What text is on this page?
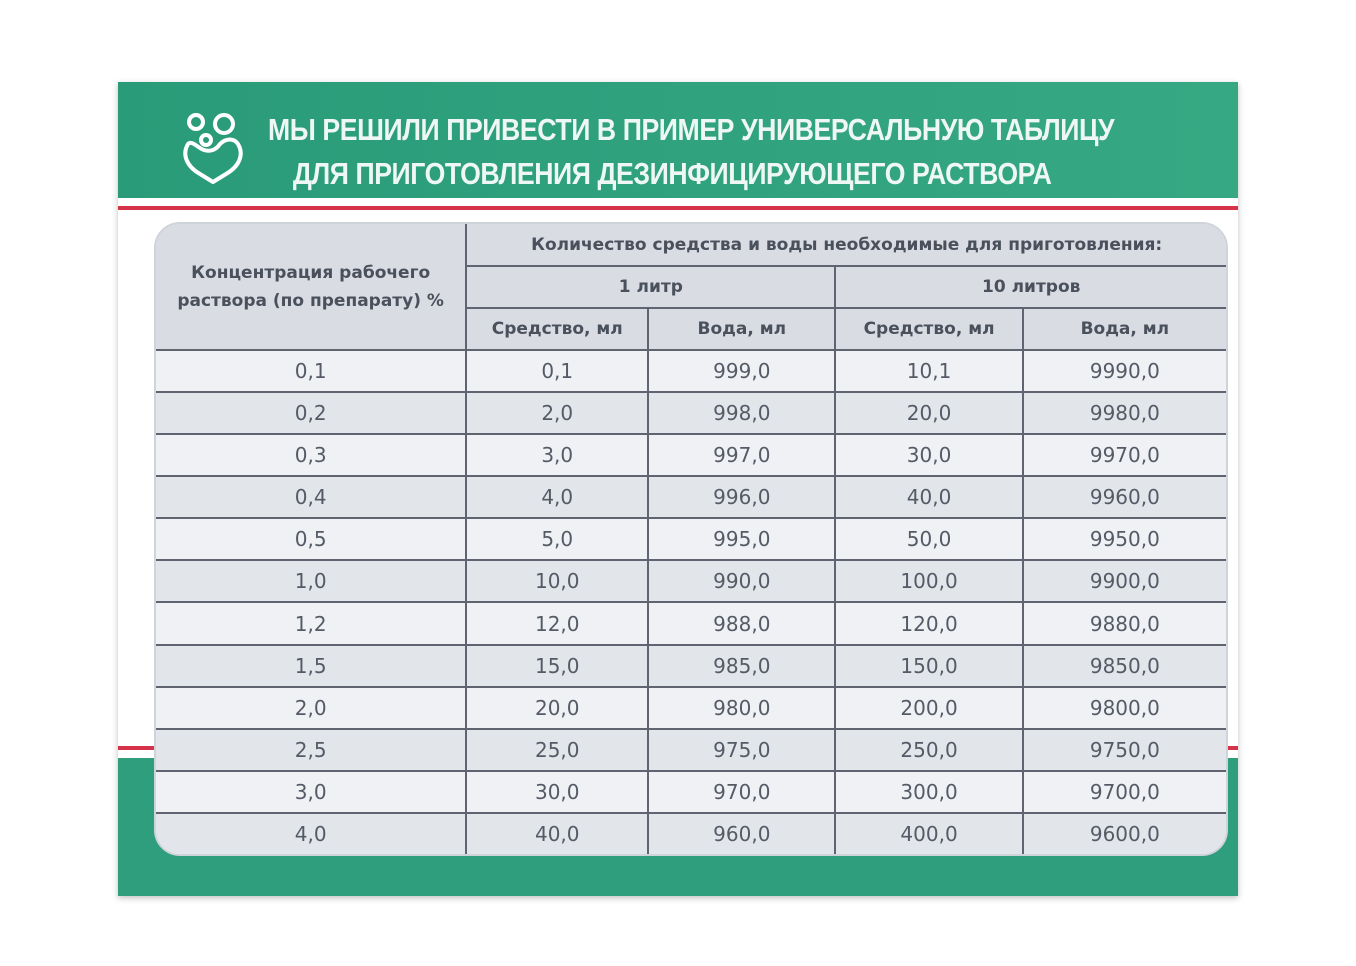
МЫ РЕШИЛИ ПРИВЕСТИ В ПРИМЕР УНИВЕРСАЛЬНУЮ ТАБЛИЦУ
ДЛЯ ПРИГОТОВЛЕНИЯ ДЕЗИНФИЦИРУЮЩЕГО РАСТВОРА
Концентрация рабочего раствора (по препарату) %	Количество средства и воды необходимые для приготовления:			
	1 литр		10 литров	
	Средство, мл	Вода, мл	Средство, мл	Вода, мл
0,1	0,1	999,0	10,1	9990,0
0,2	2,0	998,0	20,0	9980,0
0,3	3,0	997,0	30,0	9970,0
0,4	4,0	996,0	40,0	9960,0
0,5	5,0	995,0	50,0	9950,0
1,0	10,0	990,0	100,0	9900,0
1,2	12,0	988,0	120,0	9880,0
1,5	15,0	985,0	150,0	9850,0
2,0	20,0	980,0	200,0	9800,0
2,5	25,0	975,0	250,0	9750,0
3,0	30,0	970,0	300,0	9700,0
4,0	40,0	960,0	400,0	9600,0
